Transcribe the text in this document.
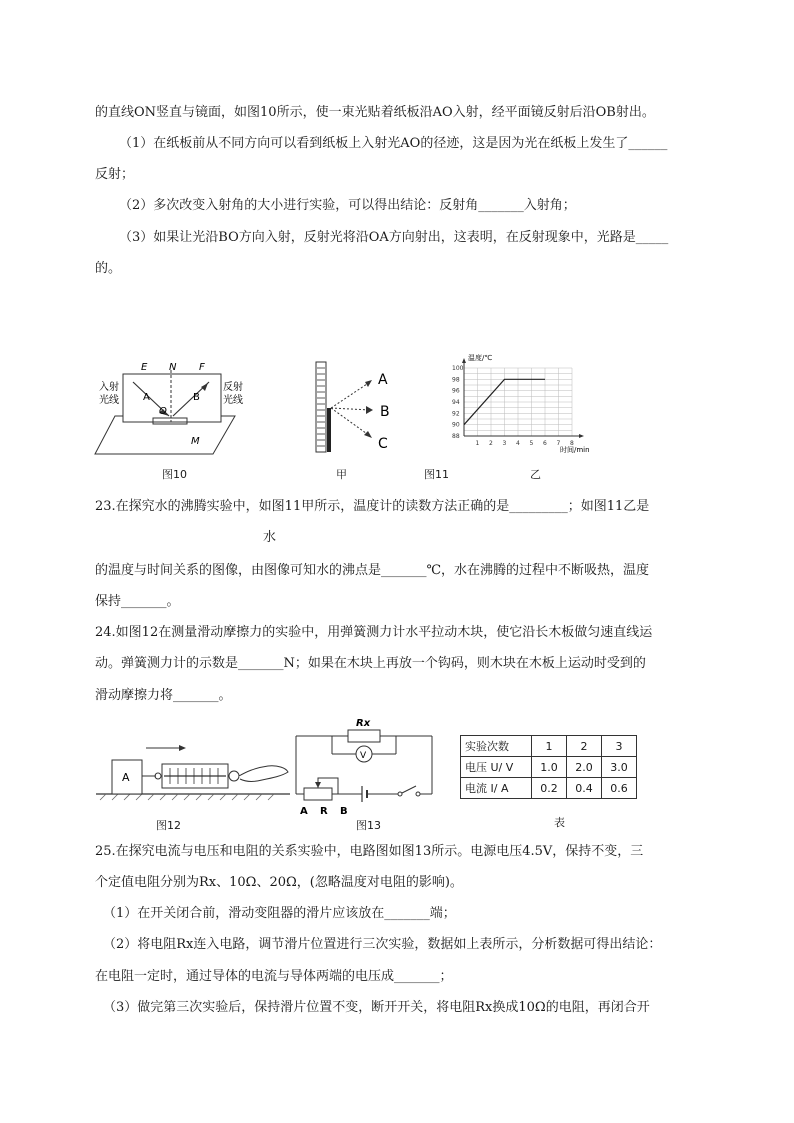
的直线ON竖直与镜面，如图10所示，使一束光贴着纸板沿AO入射，经平面镜反射后沿OB射出。
（1）在纸板前从不同方向可以看到纸板上入射光AO的径迹，这是因为光在纸板上发生了______
反射；
（2）多次改变入射角的大小进行实验，可以得出结论：反射角_______入射角；
（3）如果让光沿BO方向入射，反射光将沿OA方向射出，这表明，在反射现象中，光路是_____
的。
E N F
A	B
O
M
入射
光线
反射
光线
图10
A
B
C
甲	图11
温度/℃
时间/min
1 2 3 4 5 6 7 8
88
90
92
94
96
98
100
乙
23.在探究水的沸腾实验中，如图11甲所示，温度计的读数方法正确的是_________；如图11乙是
水
的温度与时间关系的图像，由图像可知水的沸点是_______℃，水在沸腾的过程中不断吸热，温度
保持_______。
24.如图12在测量滑动摩擦力的实验中，用弹簧测力计水平拉动木块，使它沿长木板做匀速直线运
动。弹簧测力计的示数是_______N；如果在木块上再放一个钩码，则木块在木板上运动时受到的
滑动摩擦力将_______。
A
图12
Rx
V
A R B
图13
实验次数	1	2	3
电压 U/ V	1.0	2.0	3.0
电流 I/ A	0.2	0.4	0.6
表
25.在探究电流与电压和电阻的关系实验中，电路图如图13所示。电源电压4.5V，保持不变，三
个定值电阻分别为Rx、10Ω、20Ω，(忽略温度对电阻的影响)。
（1）在开关闭合前，滑动变阻器的滑片应该放在_______端；
（2）将电阻Rx连入电路，调节滑片位置进行三次实验，数据如上表所示，分析数据可得出结论：
在电阻一定时，通过导体的电流与导体两端的电压成_______；
（3）做完第三次实验后，保持滑片位置不变，断开开关，将电阻Rx换成10Ω的电阻，再闭合开
